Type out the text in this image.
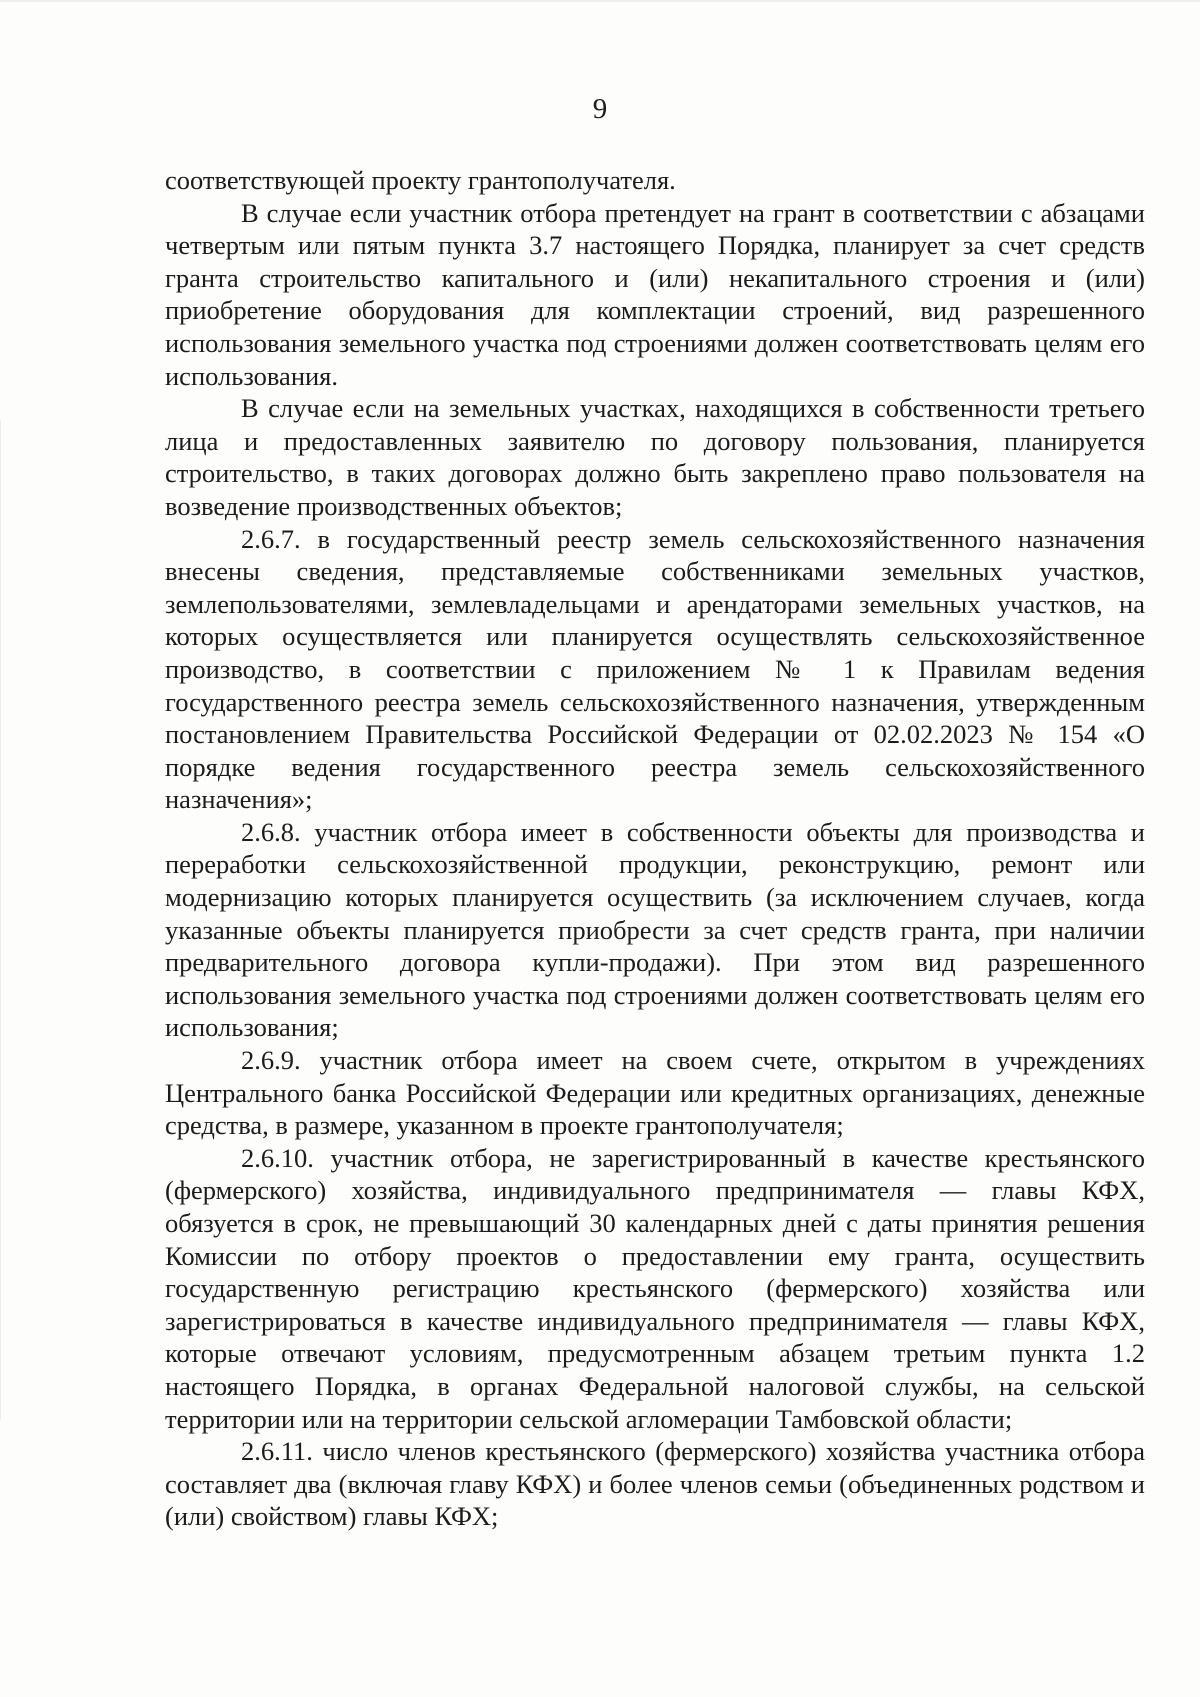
9

соответствующей проекту грантополучателя.

В случае если участник отбора претендует на грант в соответствии с абзацами четвертым или пятым пункта 3.7 настоящего Порядка, планирует за счет средств гранта строительство капитального и (или) некапитального строения и (или) приобретение оборудования для комплектации строений, вид разрешенного использования земельного участка под строениями должен соответствовать целям его использования.

В случае если на земельных участках, находящихся в собственности третьего лица и предоставленных заявителю по договору пользования, планируется строительство, в таких договорах должно быть закреплено право пользователя на возведение производственных объектов;

2.6.7. в государственный реестр земель сельскохозяйственного назначения внесены сведения, представляемые собственниками земельных участков, землепользователями, землевладельцами и арендаторами земельных участков, на которых осуществляется или планируется осуществлять сельскохозяйственное производство, в соответствии с приложением № 1 к Правилам ведения государственного реестра земель сельскохозяйственного назначения, утвержденным постановлением Правительства Российской Федерации от 02.02.2023 № 154 «О порядке ведения государственного реестра земель сельскохозяйственного назначения»;

2.6.8. участник отбора имеет в собственности объекты для производства и переработки сельскохозяйственной продукции, реконструкцию, ремонт или модернизацию которых планируется осуществить (за исключением случаев, когда указанные объекты планируется приобрести за счет средств гранта, при наличии предварительного договора купли-продажи). При этом вид разрешенного использования земельного участка под строениями должен соответствовать целям его использования;

2.6.9. участник отбора имеет на своем счете, открытом в учреждениях Центрального банка Российской Федерации или кредитных организациях, денежные средства, в размере, указанном в проекте грантополучателя;

2.6.10. участник отбора, не зарегистрированный в качестве крестьянского (фермерского) хозяйства, индивидуального предпринимателя — главы КФХ, обязуется в срок, не превышающий 30 календарных дней с даты принятия решения Комиссии по отбору проектов о предоставлении ему гранта, осуществить государственную регистрацию крестьянского (фермерского) хозяйства или зарегистрироваться в качестве индивидуального предпринимателя — главы КФХ, которые отвечают условиям, предусмотренным абзацем третьим пункта 1.2 настоящего Порядка, в органах Федеральной налоговой службы, на сельской территории или на территории сельской агломерации Тамбовской области;

2.6.11. число членов крестьянского (фермерского) хозяйства участника отбора составляет два (включая главу КФХ) и более членов семьи (объединенных родством и (или) свойством) главы КФХ;
